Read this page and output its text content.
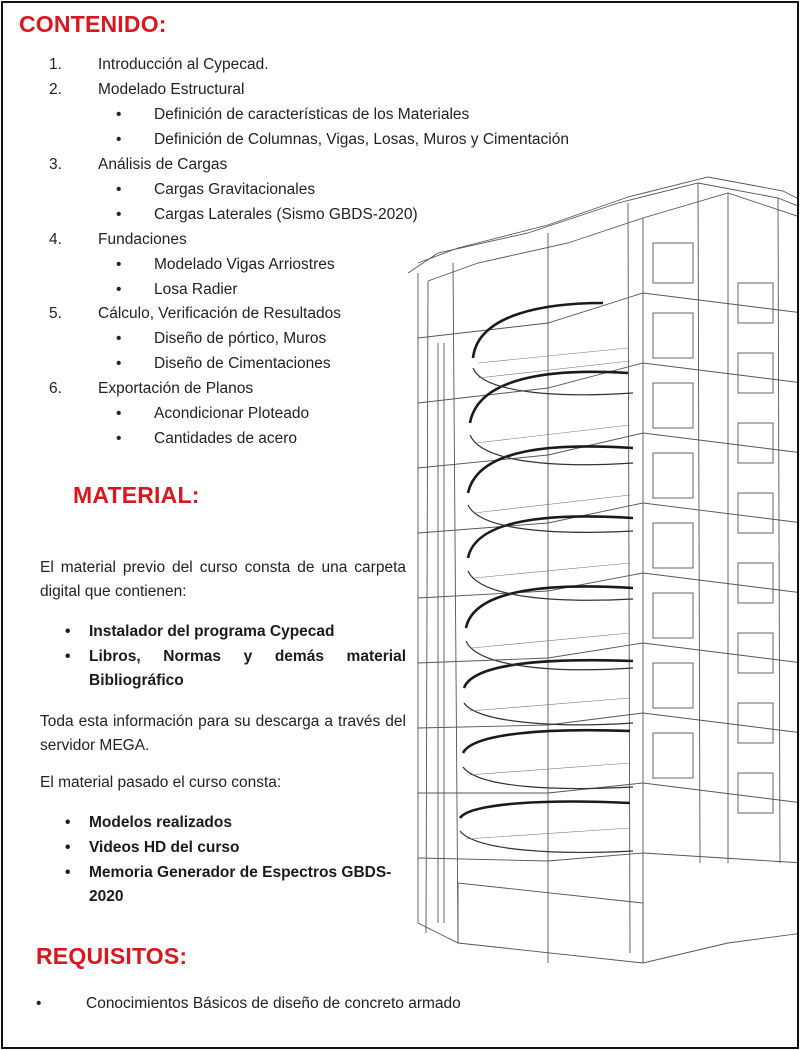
CONTENIDO:
1.	Introducción al Cypecad.
2.	Modelado Estructural
• Definición de características de los Materiales
• Definición de Columnas, Vigas, Losas, Muros y Cimentación
3.	Análisis de Cargas
• Cargas Gravitacionales
• Cargas Laterales (Sismo GBDS-2020)
4.	Fundaciones
• Modelado Vigas Arriostres
• Losa Radier
5.	Cálculo, Verificación de Resultados
• Diseño de pórtico, Muros
• Diseño de Cimentaciones
6.	Exportación de Planos
• Acondicionar Ploteado
• Cantidades de acero
MATERIAL:
El material previo del curso consta de una carpeta digital que contienen:
• Instalador del programa Cypecad
• Libros, Normas y demás material Bibliográfico
Toda esta información para su descarga a través del servidor MEGA.
El material pasado el curso consta:
• Modelos realizados
• Videos HD del curso
• Memoria Generador de Espectros GBDS-2020
REQUISITOS:
•	Conocimientos Básicos de diseño de concreto armado
